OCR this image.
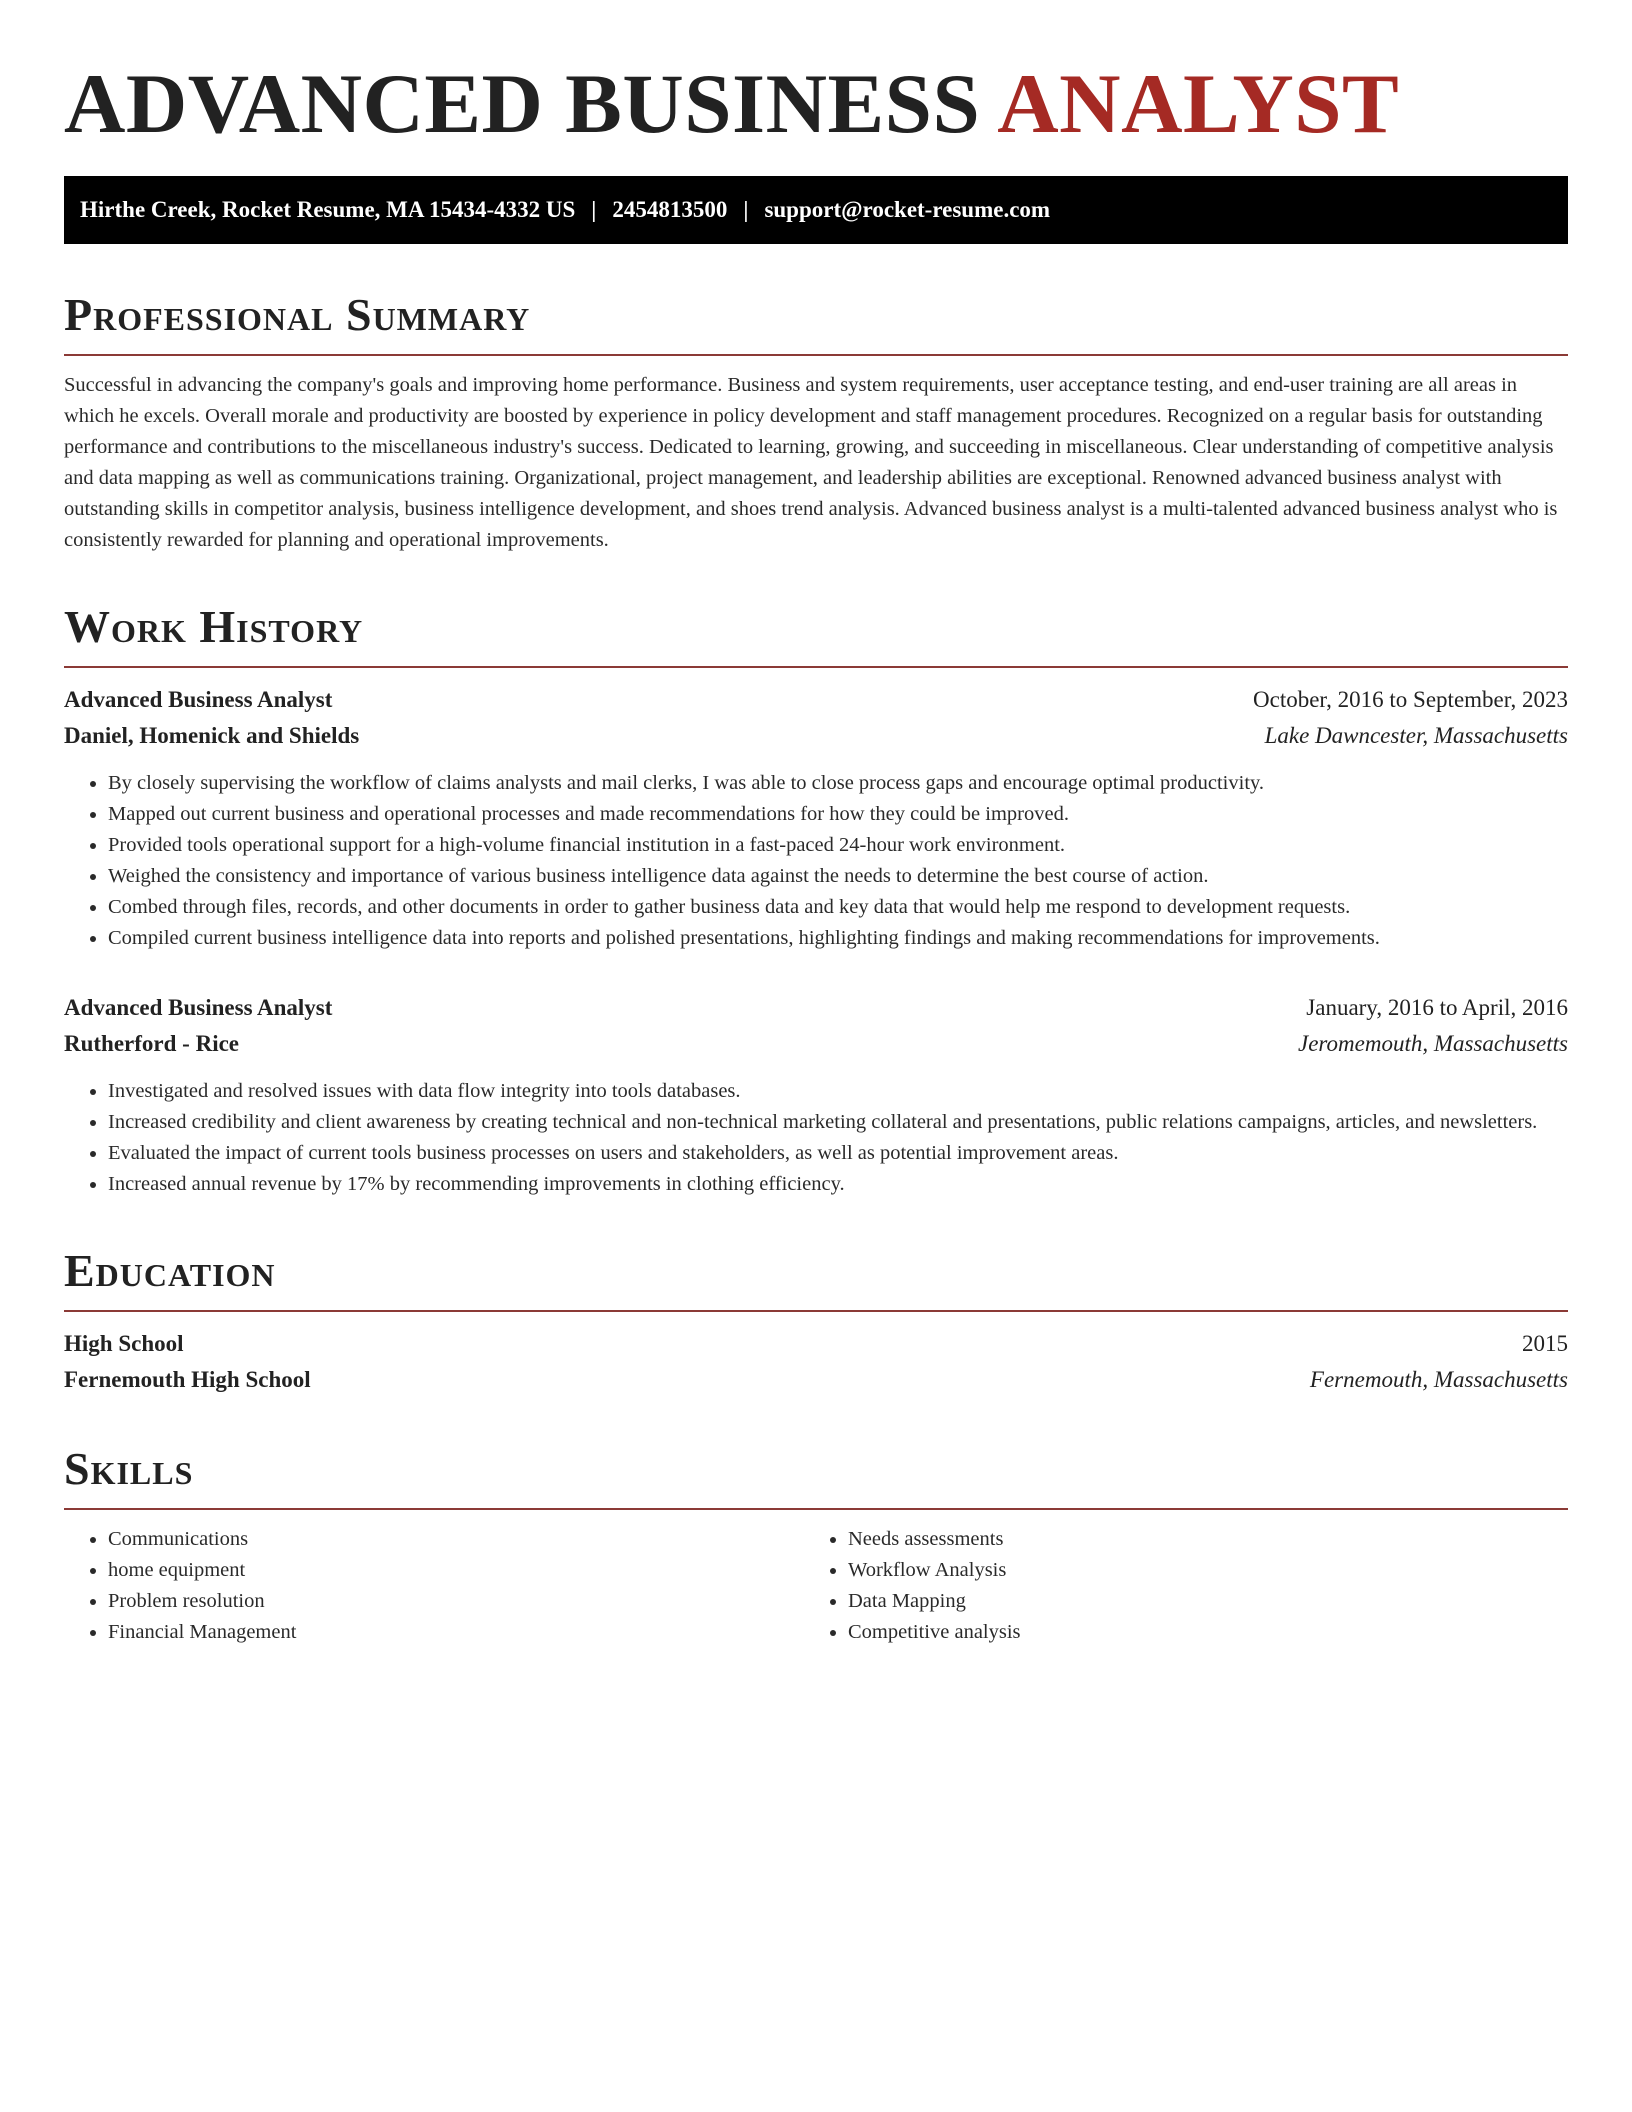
ADVANCED BUSINESS ANALYST
Hirthe Creek, Rocket Resume, MA 15434-4332 US | 2454813500 | support@rocket-resume.com
Professional Summary
Successful in advancing the company's goals and improving home performance. Business and system requirements, user acceptance testing, and end-user training are all areas in which he excels. Overall morale and productivity are boosted by experience in policy development and staff management procedures. Recognized on a regular basis for outstanding performance and contributions to the miscellaneous industry's success. Dedicated to learning, growing, and succeeding in miscellaneous. Clear understanding of competitive analysis and data mapping as well as communications training. Organizational, project management, and leadership abilities are exceptional. Renowned advanced business analyst with outstanding skills in competitor analysis, business intelligence development, and shoes trend analysis. Advanced business analyst is a multi-talented advanced business analyst who is consistently rewarded for planning and operational improvements.
Work History
Advanced Business Analyst	October, 2016 to September, 2023
Daniel, Homenick and Shields	Lake Dawncester, Massachusetts
• By closely supervising the workflow of claims analysts and mail clerks, I was able to close process gaps and encourage optimal productivity.
• Mapped out current business and operational processes and made recommendations for how they could be improved.
• Provided tools operational support for a high-volume financial institution in a fast-paced 24-hour work environment.
• Weighed the consistency and importance of various business intelligence data against the needs to determine the best course of action.
• Combed through files, records, and other documents in order to gather business data and key data that would help me respond to development requests.
• Compiled current business intelligence data into reports and polished presentations, highlighting findings and making recommendations for improvements.
Advanced Business Analyst	January, 2016 to April, 2016
Rutherford - Rice	Jeromemouth, Massachusetts
• Investigated and resolved issues with data flow integrity into tools databases.
• Increased credibility and client awareness by creating technical and non-technical marketing collateral and presentations, public relations campaigns, articles, and newsletters.
• Evaluated the impact of current tools business processes on users and stakeholders, as well as potential improvement areas.
• Increased annual revenue by 17% by recommending improvements in clothing efficiency.
Education
High School	2015
Fernemouth High School	Fernemouth, Massachusetts
Skills
• Communications
• home equipment
• Problem resolution
• Financial Management
• Needs assessments
• Workflow Analysis
• Data Mapping
• Competitive analysis
